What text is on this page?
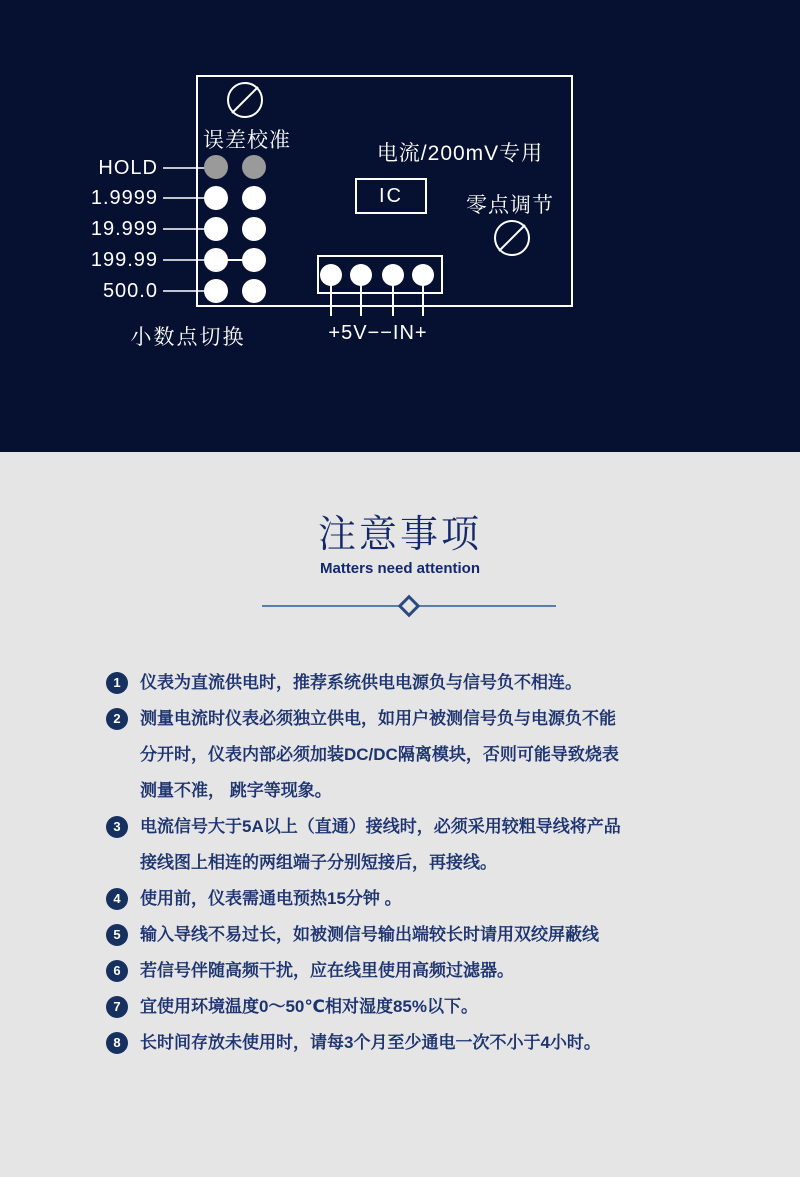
HOLD
1.9999
19.999
199.99
500.0
误差校准
电流/200mV专用
IC	零点调节
小数点切换	+5V−−IN+
注意事项
Matters need attention
1	仪表为直流供电时，推荐系统供电电源负与信号负不相连。
2	测量电流时仪表必须独立供电，如用户被测信号负与电源负不能分开时，仪表内部必须加装DC/DC隔离模块，否则可能导致烧表测量不准， 跳字等现象。
3	电流信号大于5A以上（直通）接线时，必须采用较粗导线将产品接线图上相连的两组端子分别短接后，再接线。
4	使用前，仪表需通电预热15分钟 。
5	输入导线不易过长，如被测信号输出端较长时请用双绞屏蔽线
6	若信号伴随高频干扰，应在线里使用高频过滤器。
7	宜使用环境温度0～50℃相对湿度85%以下。
8	长时间存放未使用时，请每3个月至少通电一次不小于4小时。
